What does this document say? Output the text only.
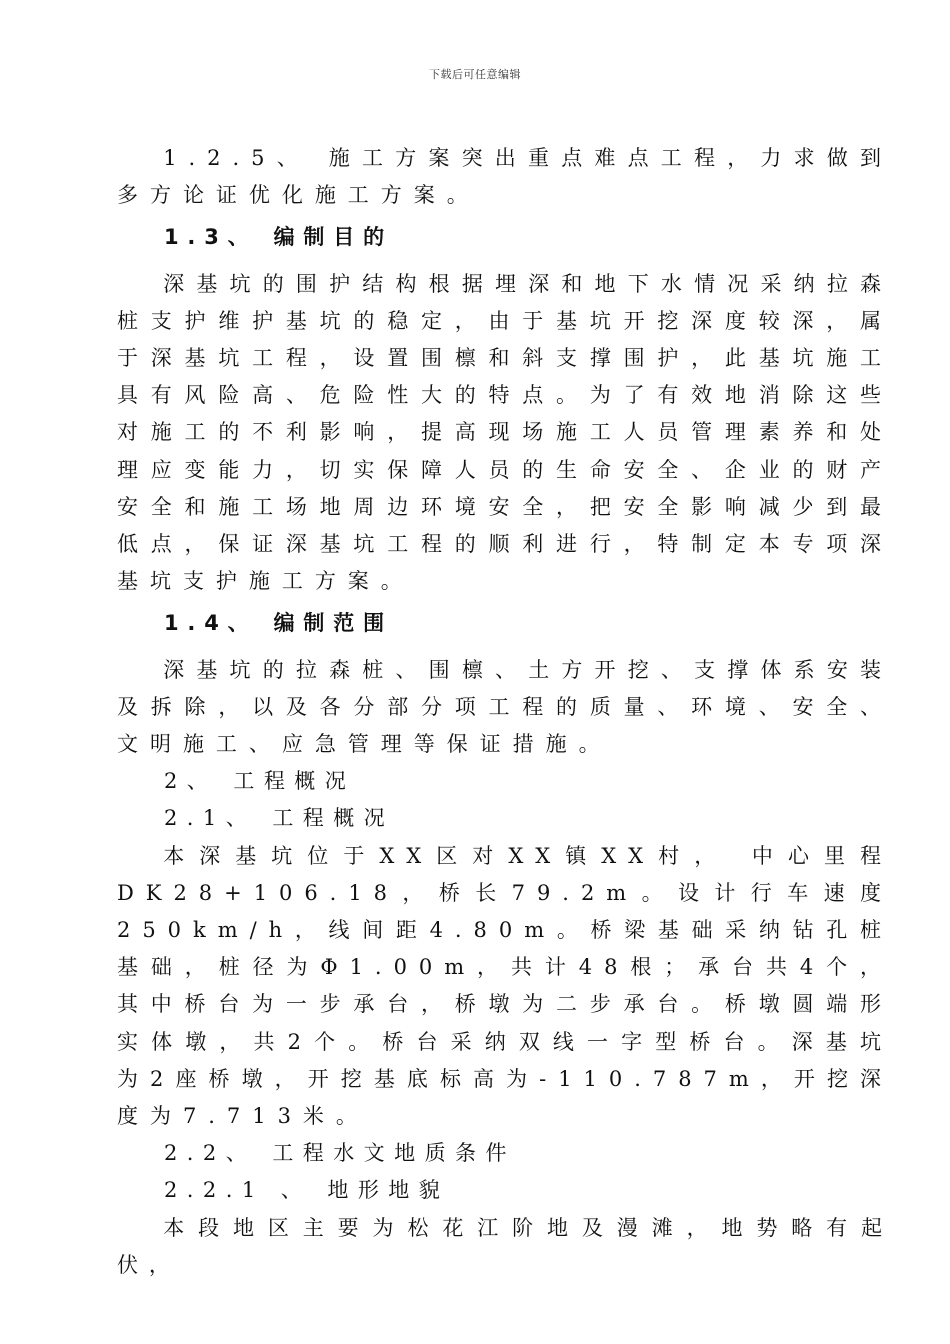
下载后可任意编辑

1.2.5、 施工方案突出重点难点工程，力求做到多方论证优化施工方案。

1.3、 编制目的

深基坑的围护结构根据埋深和地下水情况采纳拉森桩支护维护基坑的稳定，由于基坑开挖深度较深，属于深基坑工程，设置围檩和斜支撑围护，此基坑施工具有风险高、危险性大的特点。为了有效地消除这些对施工的不利影响，提高现场施工人员管理素养和处理应变能力，切实保障人员的生命安全、企业的财产安全和施工场地周边环境安全，把安全影响减少到最低点，保证深基坑工程的顺利进行，特制定本专项深基坑支护施工方案。

1.4、 编制范围

深基坑的拉森桩、围檩、土方开挖、支撑体系安装及拆除，以及各分部分项工程的质量、环境、安全、文明施工、应急管理等保证措施。

2、 工程概况

2.1、 工程概况

本深基坑位于XX区对XX镇XX村， 中心里程DK28+106.18，桥长79.2m。设计行车速度250km/h，线间距4.80m。桥梁基础采纳钻孔桩基础，桩径为Φ1.00m，共计48根；承台共4个，其中桥台为一步承台，桥墩为二步承台。桥墩圆端形实体墩，共2个。桥台采纳双线一字型桥台。深基坑为2座桥墩，开挖基底标高为-110.787m，开挖深度为7.713米。

2.2、 工程水文地质条件

2.2.1 、 地形地貌

本段地区主要为松花江阶地及漫滩，地势略有起伏，
